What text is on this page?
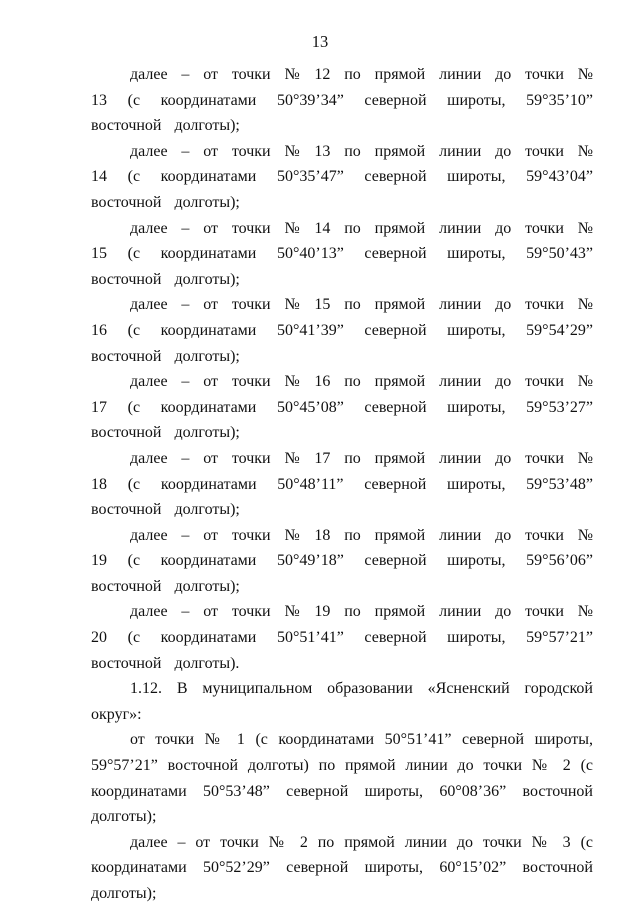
13

далее – от точки № 12 по прямой линии до точки № 13 (с координатами 50°39’34” северной широты, 59°35’10” восточной долготы);

далее – от точки № 13 по прямой линии до точки № 14 (с координатами 50°35’47” северной широты, 59°43’04” восточной долготы);

далее – от точки № 14 по прямой линии до точки № 15 (с координатами 50°40’13” северной широты, 59°50’43” восточной долготы);

далее – от точки № 15 по прямой линии до точки № 16 (с координатами 50°41’39” северной широты, 59°54’29” восточной долготы);

далее – от точки № 16 по прямой линии до точки № 17 (с координатами 50°45’08” северной широты, 59°53’27” восточной долготы);

далее – от точки № 17 по прямой линии до точки № 18 (с координатами 50°48’11” северной широты, 59°53’48” восточной долготы);

далее – от точки № 18 по прямой линии до точки № 19 (с координатами 50°49’18” северной широты, 59°56’06” восточной долготы);

далее – от точки № 19 по прямой линии до точки № 20 (с координатами 50°51’41” северной широты, 59°57’21” восточной долготы).

1.12. В муниципальном образовании «Ясненский городской округ»:

от точки № 1 (с координатами 50°51’41” северной широты, 59°57’21” восточной долготы) по прямой линии до точки № 2 (с координатами 50°53’48” северной широты, 60°08’36” восточной долготы);

далее – от точки № 2 по прямой линии до точки № 3 (с координатами 50°52’29” северной широты, 60°15’02” восточной долготы);
